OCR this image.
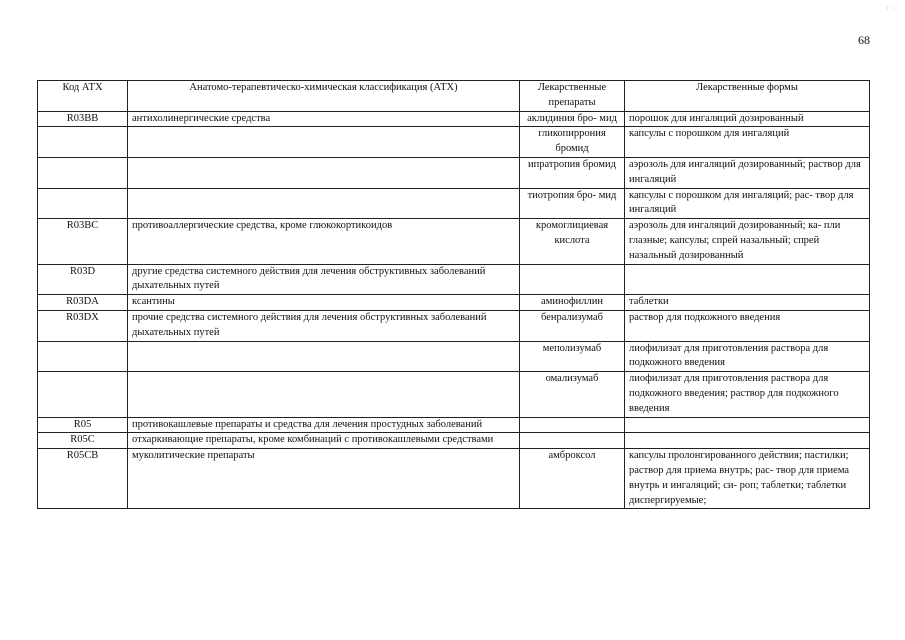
68
· ·
Код АТХ	Анатомо-терапевтическо-химическая классификация (АТХ)	Лекарственные препараты	Лекарственные формы
R03BB	антихолинергические средства	аклидиния бро- мид	порошок для ингаляций дозированный
		гликопиррония бромид	капсулы с порошком для ингаляций
		ипратропия бромид	аэрозоль для ингаляций дозированный; раствор для ингаляций
		тиотропия бро- мид	капсулы с порошком для ингаляций; рас- твор для ингаляций
R03BC	противоаллергические средства, кроме глюкокортикоидов	кромоглициевая кислота	аэрозоль для ингаляций дозированный; ка- пли глазные; капсулы; спрей назальный; спрей назальный дозированный
R03D	другие средства системного действия для лечения обструктивных заболеваний дыхательных путей		
R03DA	ксантины	аминофиллин	таблетки
R03DX	прочие средства системного действия для лечения обструктивных заболеваний дыхательных путей	бенрализумаб	раствор для подкожного введения
		меполизумаб	лиофилизат для приготовления раствора для подкожного введения
		омализумаб	лиофилизат для приготовления раствора для подкожного введения; раствор для подкожного введения
R05	противокашлевые препараты и средства для лечения простудных заболеваний		
R05C	отхаркивающие препараты, кроме комбинаций с противокашлевыми средствами		
R05CB	муколитические препараты	амброксол	капсулы пролонгированного действия; пастилки; раствор для приема внутрь; рас- твор для приема внутрь и ингаляций; си- роп; таблетки; таблетки диспергируемые;
